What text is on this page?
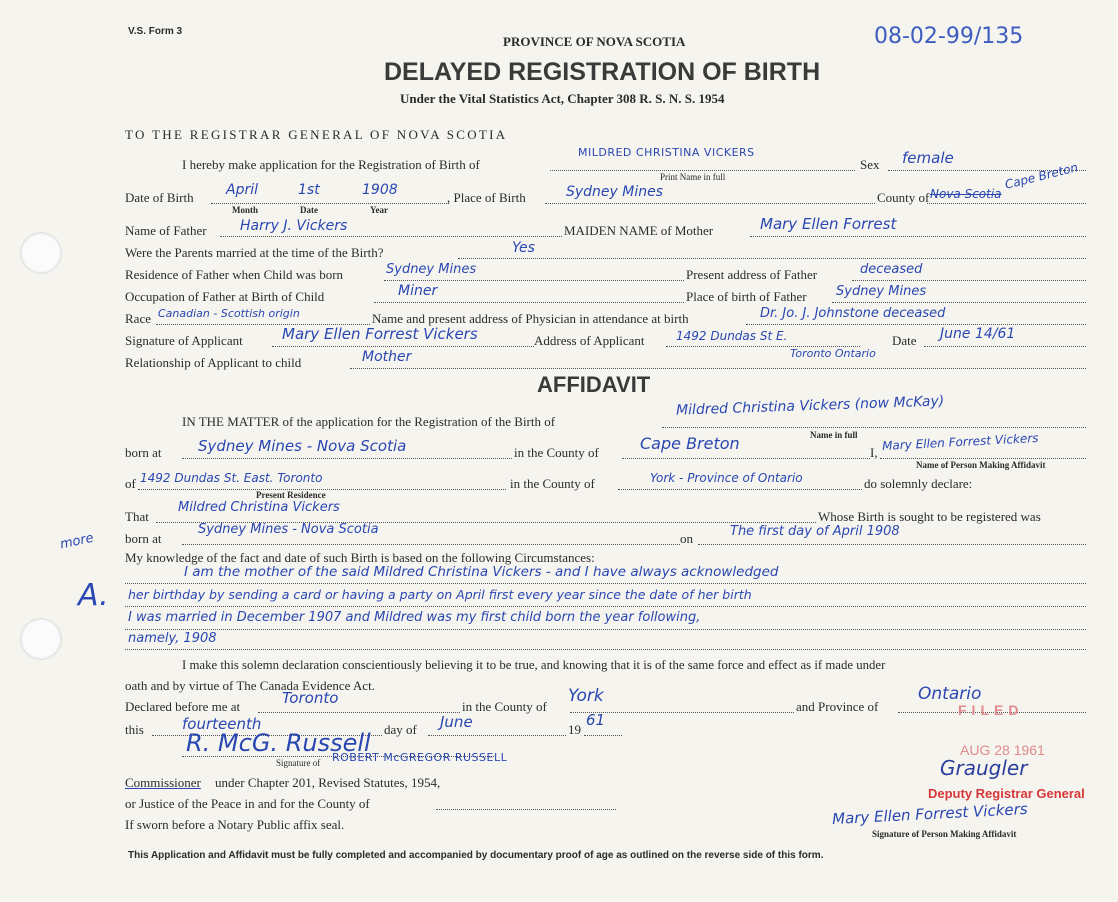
V.S. Form 3
PROVINCE OF NOVA SCOTIA
DELAYED REGISTRATION OF BIRTH
Under the Vital Statistics Act, Chapter 308 R. S. N. S. 1954
08-02-99/135
TO THE REGISTRAR GENERAL OF NOVA SCOTIA
I hereby make application for the Registration of Birth of
MILDRED CHRISTINA VICKERS
Print Name in full
Sex female
Date of Birth April	1st	1908
Month	Date	Year
, Place of Birth	Sydney Mines	County of Nova Scotia
Cape Breton
Name of Father Harry J. Vickers	MAIDEN NAME of Mother	Mary Ellen Forrest
Were the Parents married at the time of the Birth?	Yes
Residence of Father when Child was born	Sydney Mines	Present address of Father	deceased
Occupation of Father at Birth of Child	Miner	Place of birth of Father Sydney Mines
Race Canadian - Scottish origin	Name and present address of Physician in attendance at birth	Dr. Jo. J. Johnstone deceased
Signature of Applicant	Mary Ellen Forrest Vickers	Address of Applicant	1492 Dundas St E.
Toronto Ontario
Date June 14/61
Relationship of Applicant to child	Mother
AFFIDAVIT
IN THE MATTER of the application for the Registration of the Birth of
Mildred Christina Vickers (now McKay)
Name in full
born at Sydney Mines - Nova Scotia	in the County of	Cape Breton	I, Mary Ellen Forrest Vickers
Name of Person Making Affidavit
of 1492 Dundas St. East. Toronto
Present Residence
in the County of	York - Province of Ontario	do solemnly declare:
That
Mildred Christina Vickers
Whose Birth is sought to be registered was
born at
Sydney Mines - Nova Scotia
on	The first day of April 1908
more
A.
My knowledge of the fact and date of such Birth is based on the following Circumstances:
I am the mother of the said Mildred Christina Vickers - and I have always acknowledged
her birthday by sending a card or having a party on April first every year since the date of her birth
I was married in December 1907 and Mildred was my first child born the year following,
namely, 1908
I make this solemn declaration conscientiously believing it to be true, and knowing that it is of the same force and effect as if made under
oath and by virtue of The Canada Evidence Act.
Declared before me at	Toronto	in the County of
York
and Province of
Ontario
this	fourteenth	day of June	19
61
R. McG. Russell
Signature of ROBERT McGREGOR RUSSELL
Commissioner under Chapter 201, Revised Statutes, 1954,
or Justice of the Peace in and for the County of
If sworn before a Notary Public affix seal.	Mary Ellen Forrest Vickers
Signature of Person Making Affidavit
FILED
AUG 28 1961
Graugler
Deputy Registrar General
This Application and Affidavit must be fully completed and accompanied by documentary proof of age as outlined on the reverse side of this form.
